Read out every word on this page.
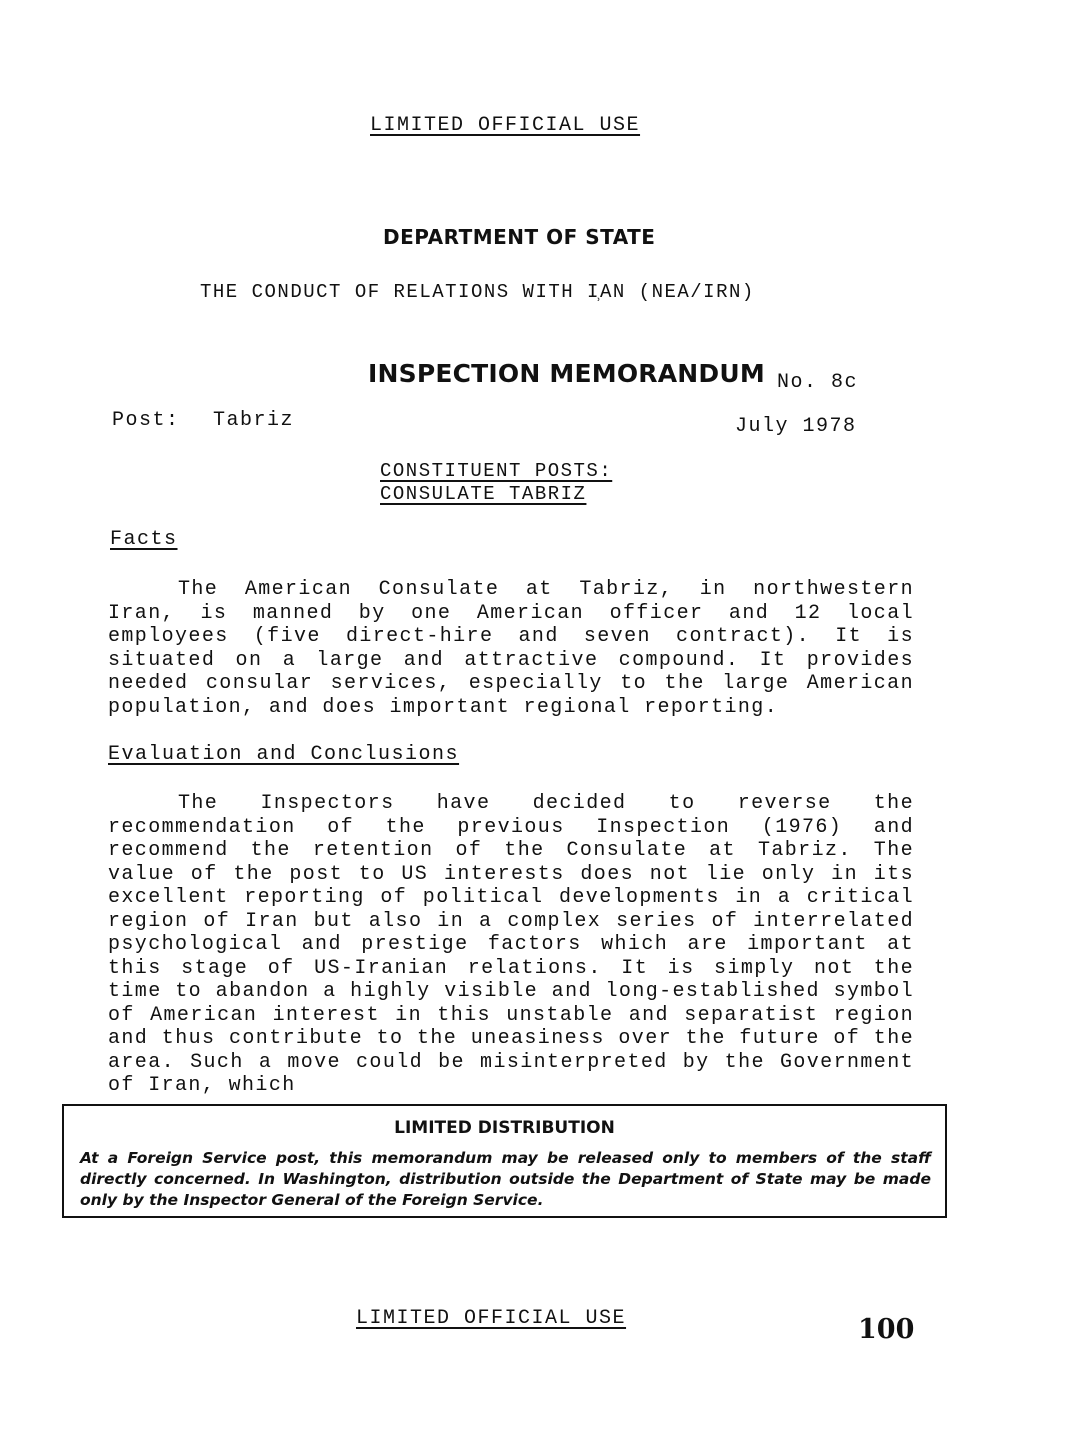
LIMITED OFFICIAL USE
DEPARTMENT OF STATE
THE CONDUCT OF RELATIONS WITH I̹AN (NEA/IRN)
INSPECTION MEMORANDUM No. 8c
Post: Tabriz	July 1978
CONSTITUENT POSTS:
CONSULATE TABRIZ
Facts

The American Consulate at Tabriz, in northwestern Iran, is manned by one American officer and 12 local employees (five direct-hire and seven contract). It is situated on a large and attractive compound. It provides needed consular services, especially to the large American population, and does important regional reporting.

Evaluation and Conclusions

The Inspectors have decided to reverse the recommendation of the previous Inspection (1976) and recommend the retention of the Consulate at Tabriz. The value of the post to US interests does not lie only in its excellent reporting of political developments in a critical region of Iran but also in a complex series of interrelated psychological and prestige factors which are important at this stage of US-Iranian relations. It is simply not the time to abandon a highly visible and long-established symbol of American interest in this unstable and separatist region and thus contribute to the uneasiness over the future of the area. Such a move could be misinterpreted by the Government of Iran, which

LIMITED DISTRIBUTION

At a Foreign Service post, this memorandum may be released only to members of the staff directly concerned. In Washington, distribution outside the Department of State may be made only by the Inspector General of the Foreign Service.

LIMITED OFFICIAL USE	100
